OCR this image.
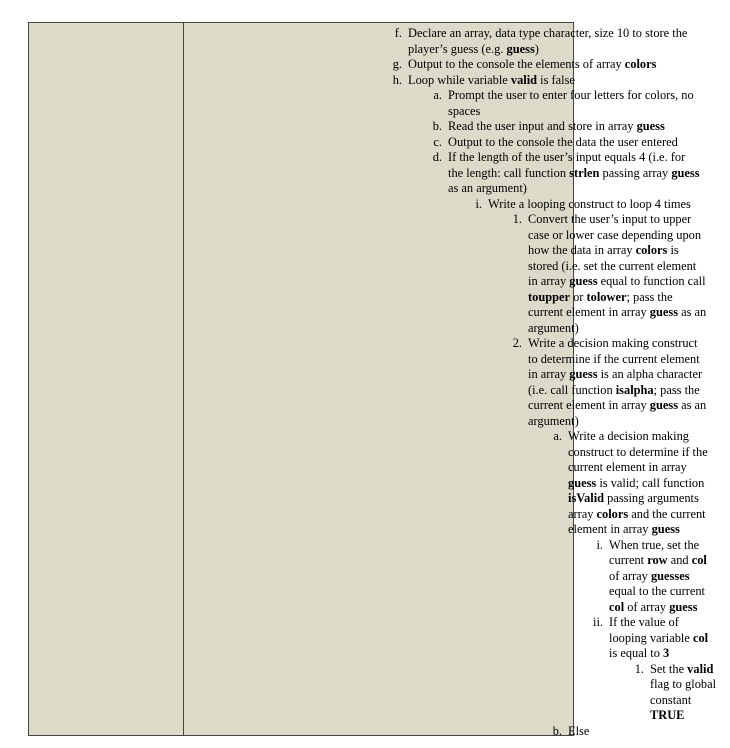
f. Declare an array, data type character, size 10 to store the
player’s guess (e.g. guess)
g. Output to the console the elements of array colors
h. Loop while variable valid is false
a. Prompt the user to enter four letters for colors, no
spaces
b. Read the user input and store in array guess
c. Output to the console the data the user entered
d. If the length of the user’s input equals 4 (i.e. for
the length: call function strlen passing array guess
as an argument)
i. Write a looping construct to loop 4 times
1. Convert the user’s input to upper
case or lower case depending upon
how the data in array colors is
stored (i.e. set the current element
in array guess equal to function call
toupper or tolower; pass the
current element in array guess as an
argument)
2. Write a decision making construct
to determine if the current element
in array guess is an alpha character
(i.e. call function isalpha; pass the
current element in array guess as an
argument)
a. Write a decision making
construct to determine if the
current element in array
guess is valid; call function
isValid passing arguments
array colors and the current
element in array guess
i. When true, set the
current row and col
of array guesses
equal to the current
col of array guess
ii. If the value of
looping variable col
is equal to 3
1. Set the valid
flag to global
constant
TRUE
b. Else
